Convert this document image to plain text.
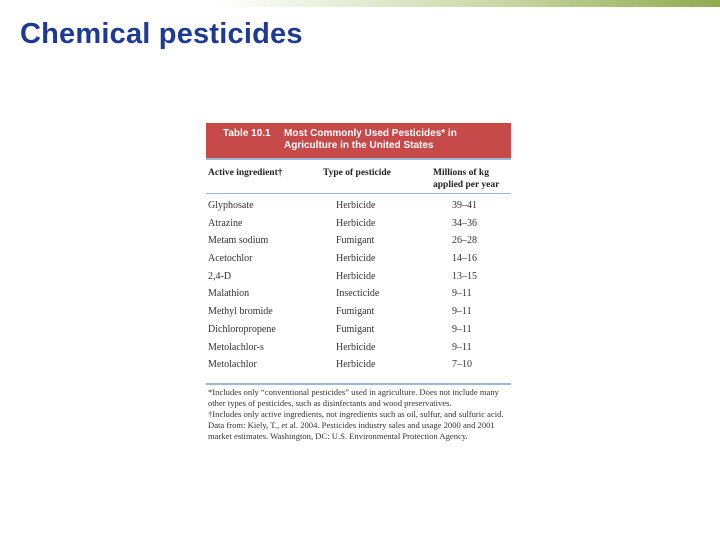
Chemical pesticides
Table 10.1 Most Commonly Used Pesticides* in Agriculture in the United States
Active ingredient†	Type of pesticide	Millions of kg applied per year
Glyphosate	Herbicide	39–41
Atrazine	Herbicide	34–36
Metam sodium	Fumigant	26–28
Acetochlor	Herbicide	14–16
2,4-D	Herbicide	13–15
Malathion	Insecticide	9–11
Methyl bromide	Fumigant	9–11
Dichloropropene	Fumigant	9–11
Metolachlor-s	Herbicide	9–11
Metolachlor	Herbicide	7–10

*Includes only “conventional pesticides” used in agriculture. Does not include many other types of pesticides, such as disinfectants and wood preservatives.

†Includes only active ingredients, not ingredients such as oil, sulfur, and sulfuric acid.

Data from: Kiely, T., et al. 2004. Pesticides industry sales and usage 2000 and 2001 market estimates. Washington, DC: U.S. Environmental Protection Agency.
